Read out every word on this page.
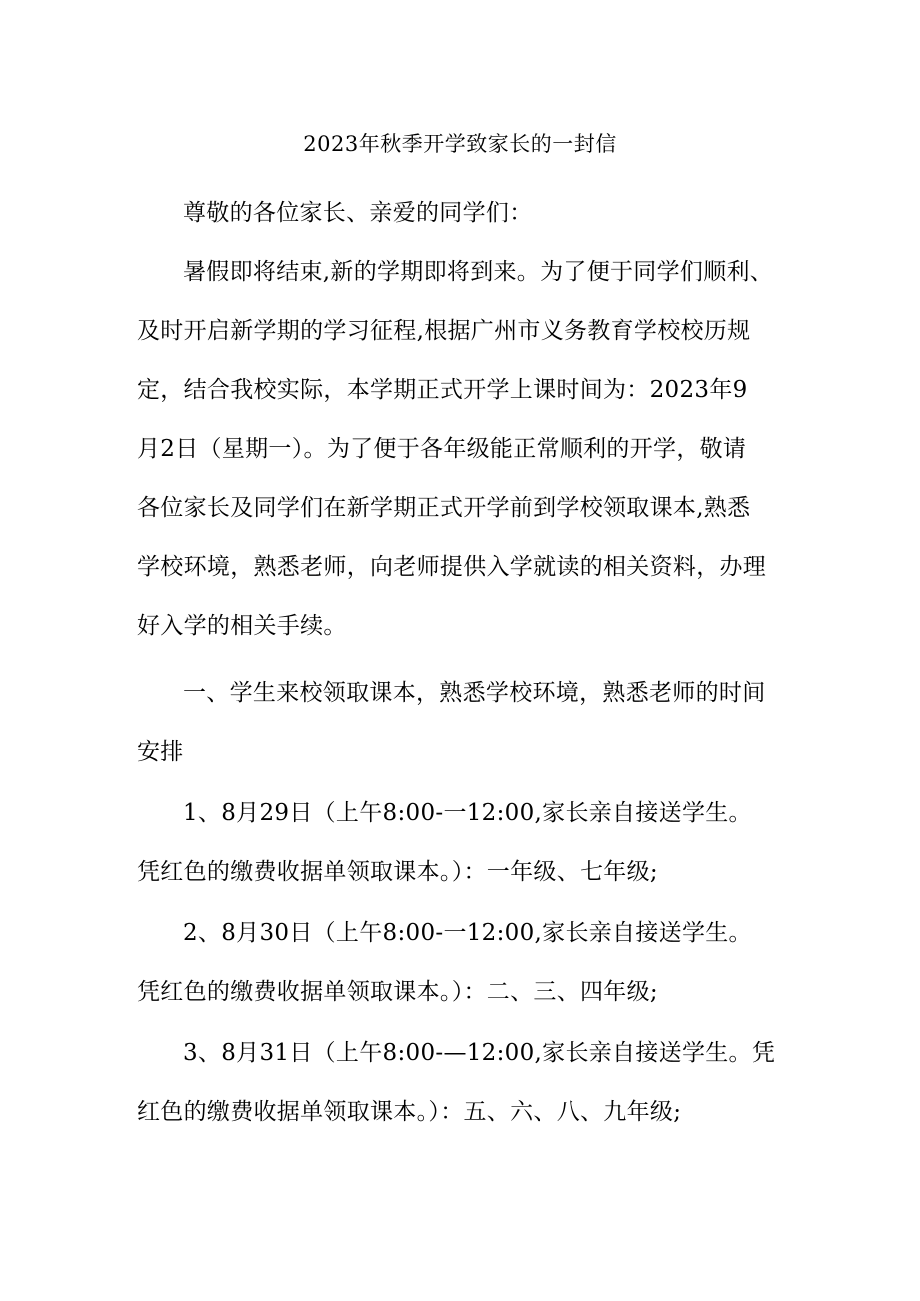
2023年秋季开学致家长的一封信
尊敬的各位家长、亲爱的同学们：
暑假即将结束,新的学期即将到来。为了便于同学们顺利、
及时开启新学期的学习征程,根据广州市义务教育学校校历规
定，结合我校实际，本学期正式开学上课时间为：2023年9
月2日（星期一）。为了便于各年级能正常顺利的开学，敬请
各位家长及同学们在新学期正式开学前到学校领取课本,熟悉
学校环境，熟悉老师，向老师提供入学就读的相关资料，办理
好入学的相关手续。
一、学生来校领取课本，熟悉学校环境，熟悉老师的时间
安排
1、8月29日（上午8:00-一12:00,家长亲自接送学生。
凭红色的缴费收据单领取课本。）：一年级、七年级;
2、8月30日（上午8:00-一12:00,家长亲自接送学生。
凭红色的缴费收据单领取课本。）：二、三、四年级;
3、8月31日（上午8:00-—12:00,家长亲自接送学生。凭
红色的缴费收据单领取课本。）：五、六、八、九年级;
